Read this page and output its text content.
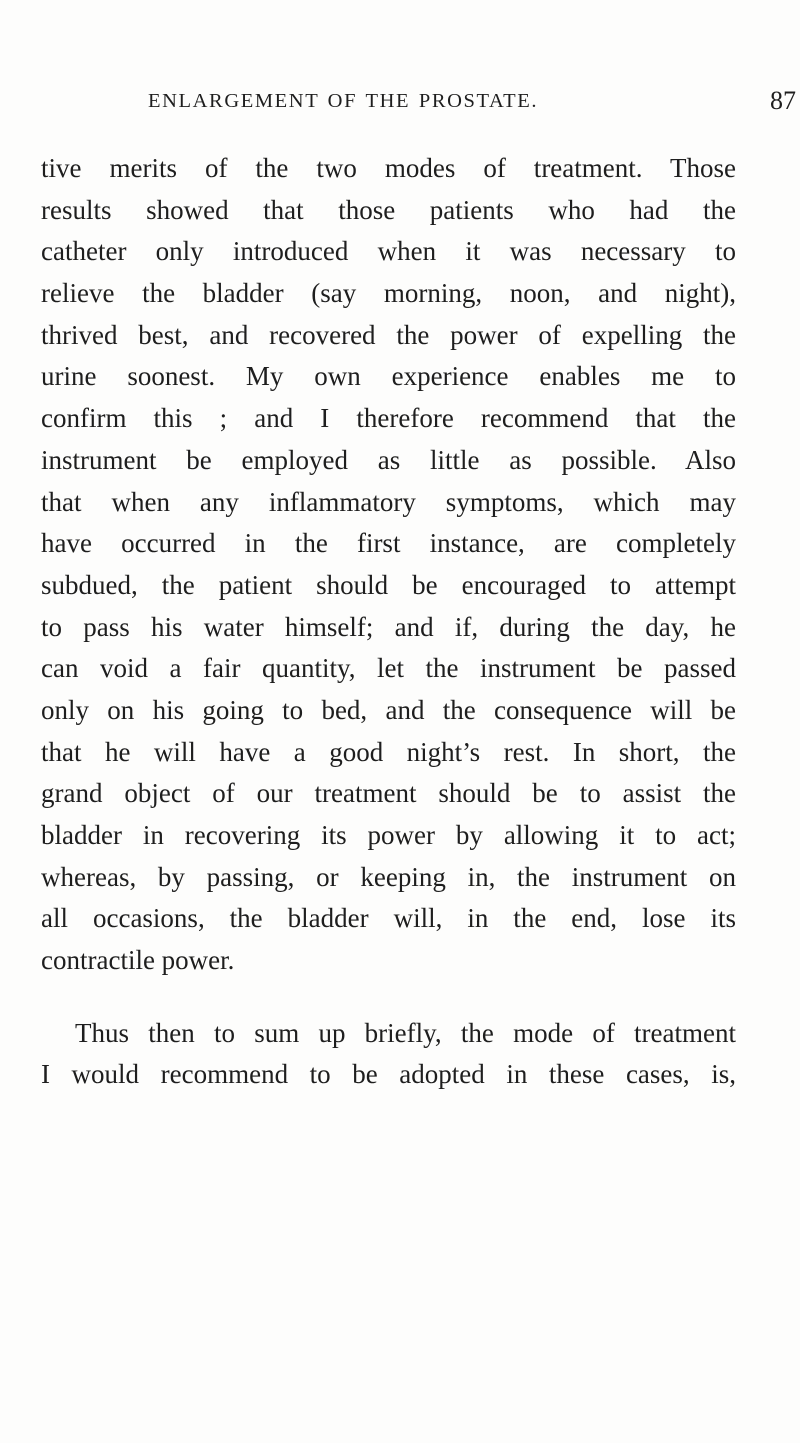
ENLARGEMENT OF THE PROSTATE.	87
tive merits of the two modes of treatment. Those
results showed that those patients who had the
catheter only introduced when it was necessary to
relieve the bladder (say morning, noon, and night),
thrived best, and recovered the power of expelling the
urine soonest. My own experience enables me to
confirm this ; and I therefore recommend that the
instrument be employed as little as possible. Also
that when any inflammatory symptoms, which may
have occurred in the first instance, are completely
subdued, the patient should be encouraged to attempt
to pass his water himself; and if, during the day, he
can void a fair quantity, let the instrument be passed
only on his going to bed, and the consequence will be
that he will have a good night’s rest. In short, the
grand object of our treatment should be to assist the
bladder in recovering its power by allowing it to act;
whereas, by passing, or keeping in, the instrument on
all occasions, the bladder will, in the end, lose its
contractile power.
Thus then to sum up briefly, the mode of treatment
I would recommend to be adopted in these cases, is,
